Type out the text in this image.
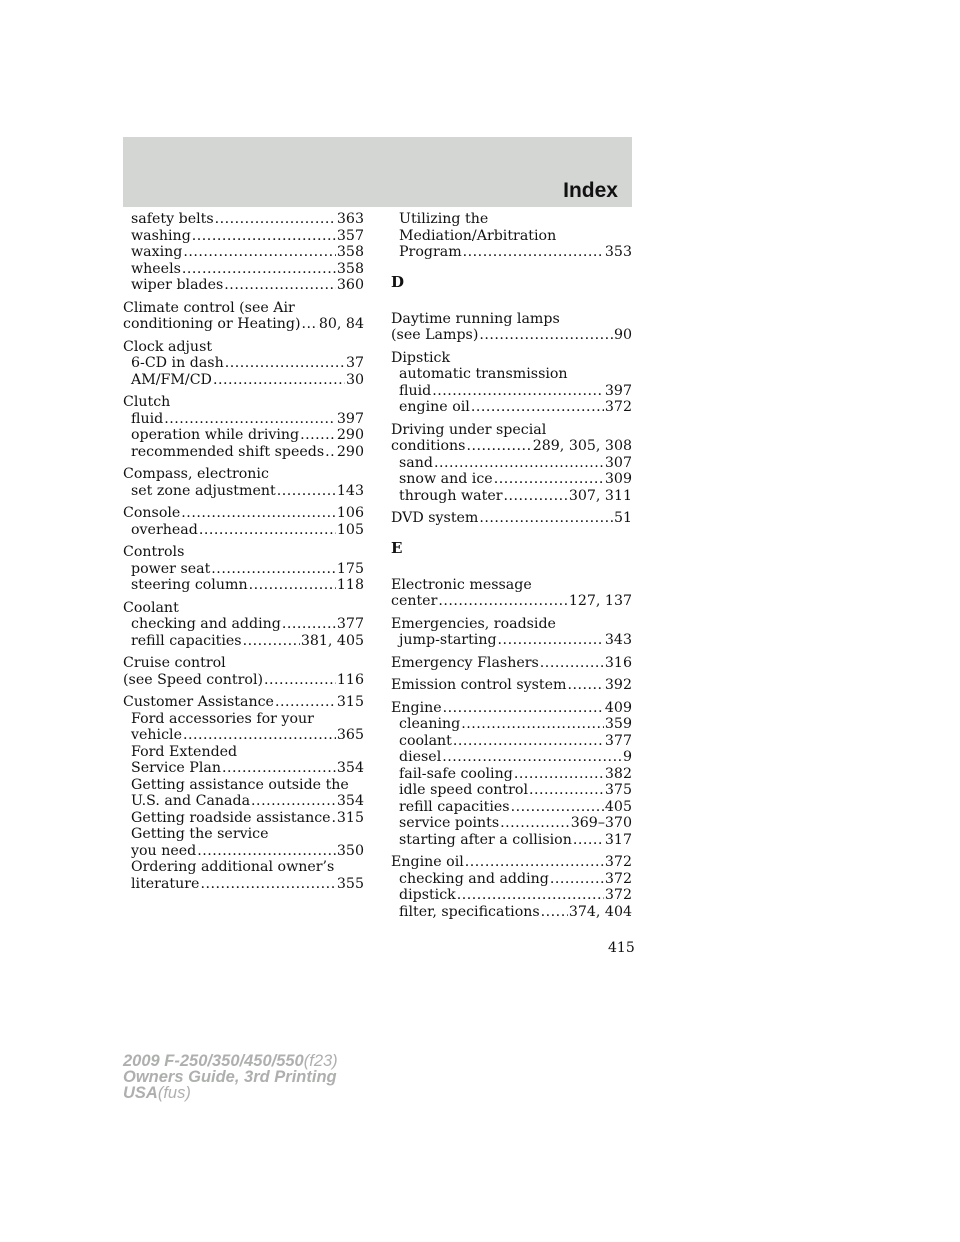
Index
safety belts .....	363
washing .....	357
waxing .....	358
wheels .....	358
wiper blades .....	360
Climate control (see Air
conditioning or Heating) ..... 80, 84
Clock adjust
6-CD in dash .....	37
AM/FM/CD .....	30
Clutch
fluid .....	397
operation while driving .....	290
recommended shift speeds ..... 290
Compass, electronic
set zone adjustment .....	143
Console .....	106
overhead .....	105
Controls
power seat .....	175
steering column .....	118
Coolant
checking and adding .....	377
refill capacities .....	381, 405
Cruise control
(see Speed control) .....	116
Customer Assistance .....	315
Ford accessories for your
vehicle .....	365
Ford Extended
Service Plan .....	354
Getting assistance outside the
U.S. and Canada .....	354
Getting roadside assistance ..... 315
Getting the service
you need .....	350
Ordering additional owner’s
literature .....	355
Utilizing the
Mediation/Arbitration
Program .....	353
D
Daytime running lamps
(see Lamps) .....	90
Dipstick
automatic transmission
fluid .....	397
engine oil .....	372
Driving under special
conditions .....	289, 305, 308
sand .....	307
snow and ice .....	309
through water .....	307, 311
DVD system .....	51
E
Electronic message
center .....	127, 137
Emergencies, roadside
jump-starting .....	343
Emergency Flashers .....	316
Emission control system .....	392
Engine .....	409
cleaning .....	359
coolant .....	377
diesel .....	9
fail-safe cooling .....	382
idle speed control .....	375
refill capacities .....	405
service points .....	369–370
starting after a collision ..... 317
Engine oil .....	372
checking and adding .....	372
dipstick .....	372
filter, specifications ..... 374, 404
415
2009 F-250/350/450/550(f23)
Owners Guide, 3rd Printing
USA(fus)
